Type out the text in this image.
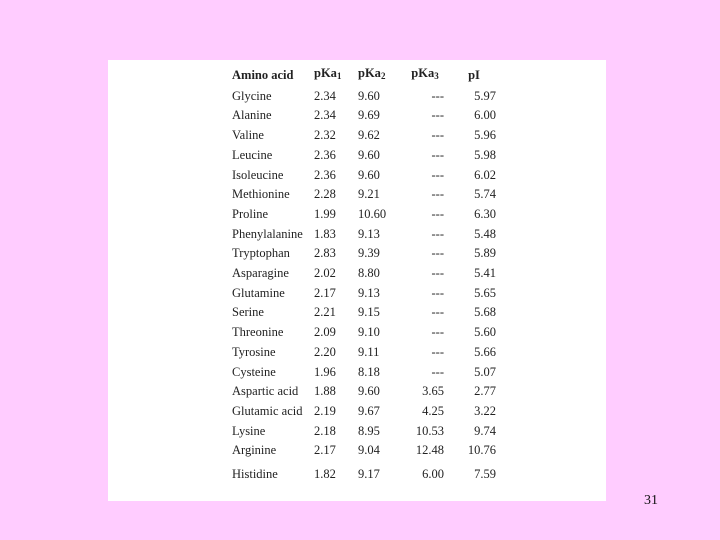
Amino acid	pKa$_1$	pKa$_2$	pKa$_3$	pI
Glycine	2.34	9.60	---	5.97
Alanine	2.34	9.69	---	6.00
Valine	2.32	9.62	---	5.96
Leucine	2.36	9.60	---	5.98
Isoleucine	2.36	9.60	---	6.02
Methionine	2.28	9.21	---	5.74
Proline	1.99	10.60	---	6.30
Phenylalanine	1.83	9.13	---	5.48
Tryptophan	2.83	9.39	---	5.89
Asparagine	2.02	8.80	---	5.41
Glutamine	2.17	9.13	---	5.65
Serine	2.21	9.15	---	5.68
Threonine	2.09	9.10	---	5.60
Tyrosine	2.20	9.11	---	5.66
Cysteine	1.96	8.18	---	5.07
Aspartic acid	1.88	9.60	3.65	2.77
Glutamic acid	2.19	9.67	4.25	3.22
Lysine	2.18	8.95	10.53	9.74
Arginine	2.17	9.04	12.48	10.76
Histidine	1.82	9.17	6.00	7.59
31
